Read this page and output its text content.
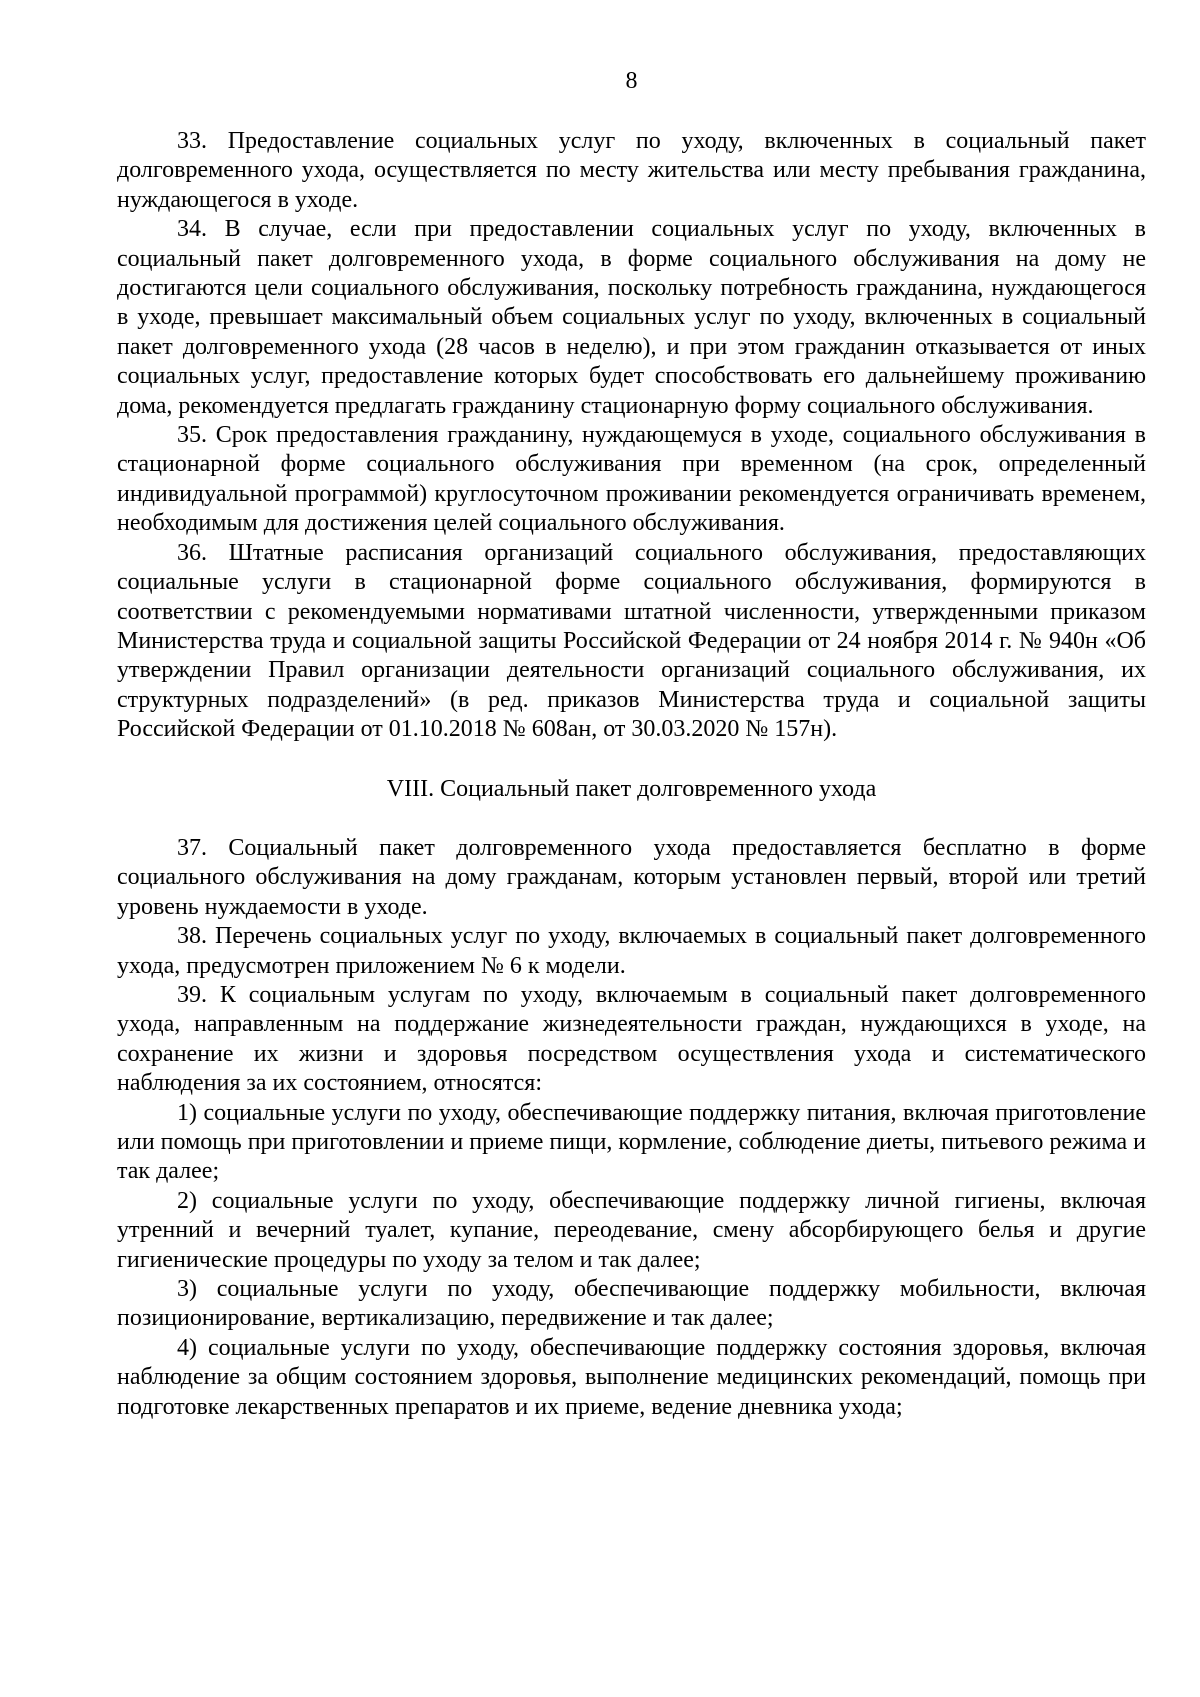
8

33. Предоставление социальных услуг по уходу, включенных в социальный пакет долговременного ухода, осуществляется по месту жительства или месту пребывания гражданина, нуждающегося в уходе.

34. В случае, если при предоставлении социальных услуг по уходу, включенных в социальный пакет долговременного ухода, в форме социального обслуживания на дому не достигаются цели социального обслуживания, поскольку потребность гражданина, нуждающегося в уходе, превышает максимальный объем социальных услуг по уходу, включенных в социальный пакет долговременного ухода (28 часов в неделю), и при этом гражданин отказывается от иных социальных услуг, предоставление которых будет способствовать его дальнейшему проживанию дома, рекомендуется предлагать гражданину стационарную форму социального обслуживания.

35. Срок предоставления гражданину, нуждающемуся в уходе, социального обслуживания в стационарной форме социального обслуживания при временном (на срок, определенный индивидуальной программой) круглосуточном проживании рекомендуется ограничивать временем, необходимым для достижения целей социального обслуживания.

36. Штатные расписания организаций социального обслуживания, предоставляющих социальные услуги в стационарной форме социального обслуживания, формируются в соответствии с рекомендуемыми нормативами штатной численности, утвержденными приказом Министерства труда и социальной защиты Российской Федерации от 24 ноября 2014 г. № 940н «Об утверждении Правил организации деятельности организаций социального обслуживания, их структурных подразделений» (в ред. приказов Министерства труда и социальной защиты Российской Федерации от 01.10.2018 № 608ан, от 30.03.2020 № 157н).

VIII. Социальный пакет долговременного ухода

37. Социальный пакет долговременного ухода предоставляется бесплатно в форме социального обслуживания на дому гражданам, которым установлен первый, второй или третий уровень нуждаемости в уходе.

38. Перечень социальных услуг по уходу, включаемых в социальный пакет долговременного ухода, предусмотрен приложением № 6 к модели.

39. К социальным услугам по уходу, включаемым в социальный пакет долговременного ухода, направленным на поддержание жизнедеятельности граждан, нуждающихся в уходе, на сохранение их жизни и здоровья посредством осуществления ухода и систематического наблюдения за их состоянием, относятся:

1) социальные услуги по уходу, обеспечивающие поддержку питания, включая приготовление или помощь при приготовлении и приеме пищи, кормление, соблюдение диеты, питьевого режима и так далее;

2) социальные услуги по уходу, обеспечивающие поддержку личной гигиены, включая утренний и вечерний туалет, купание, переодевание, смену абсорбирующего белья и другие гигиенические процедуры по уходу за телом и так далее;

3) социальные услуги по уходу, обеспечивающие поддержку мобильности, включая позиционирование, вертикализацию, передвижение и так далее;

4) социальные услуги по уходу, обеспечивающие поддержку состояния здоровья, включая наблюдение за общим состоянием здоровья, выполнение медицинских рекомендаций, помощь при подготовке лекарственных препаратов и их приеме, ведение дневника ухода;
